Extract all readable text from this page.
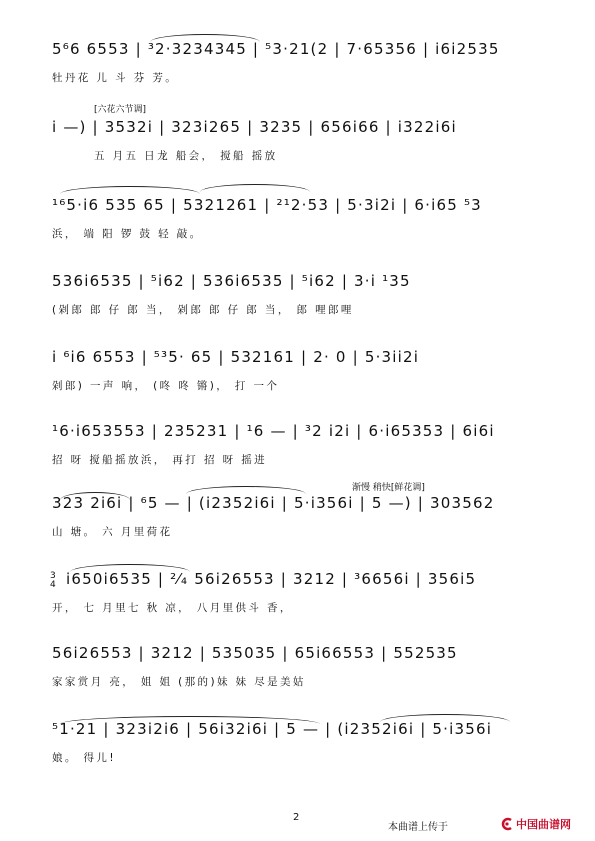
5⁶6 6553 | ³2·3234345 | ⁵3·21(2 | 7·65356 | i6i2535
牡丹花 儿 斗 芬 芳。
[六花六节调]
i —) | 3532i | 323i265 | 3235 | 656i66 | i322i6i
五 月五 日龙 船会， 搅船 摇放
¹⁶5·i6 535 65 | 5321261 | ²¹2·53 | 5·3i2i | 6·i65 ⁵3
浜， 端 阳 锣 鼓 轻 敲。
536i6535 | ⁵i62 | 536i6535 | ⁵i62 | 3·i ¹35
(剁郎 郎 仔 郎 当， 剁郎 郎 仔 郎 当， 郎 哩郎哩
i ⁶i6 6553 | ⁵³5· 65 | 532161 | 2· 0 | 5·3ii2i
剁郎) 一声 响， (咚 咚 锵)， 打 一个
¹6·i653553 | 235231 | ¹6 — | ³2 i2i | 6·i65353 | 6i6i
招 呀 搅船摇放浜， 再打 招 呀 摇进
渐慢 稍快[鲜花调]
323 2i6i | ⁶5 — | (i2352i6i | 5·i356i | 5 —) | 303562
山 塘。 六 月里荷花
3
4 i650i6535 | ²⁄₄ 56i26553 | 3212 | ³6656i | 356i5
开， 七 月里七 秋 凉， 八月里供斗 香，
56i26553 | 3212 | 535035 | 65i66553 | 552535
家家赏月 亮， 姐 姐 (那的)妹 妹 尽是美姑
⁵1·21 | 323i2i6 | 56i32i6i | 5 — | (i2352i6i | 5·i356i
娘。 得儿!
2
本曲谱上传于	中国曲谱网
